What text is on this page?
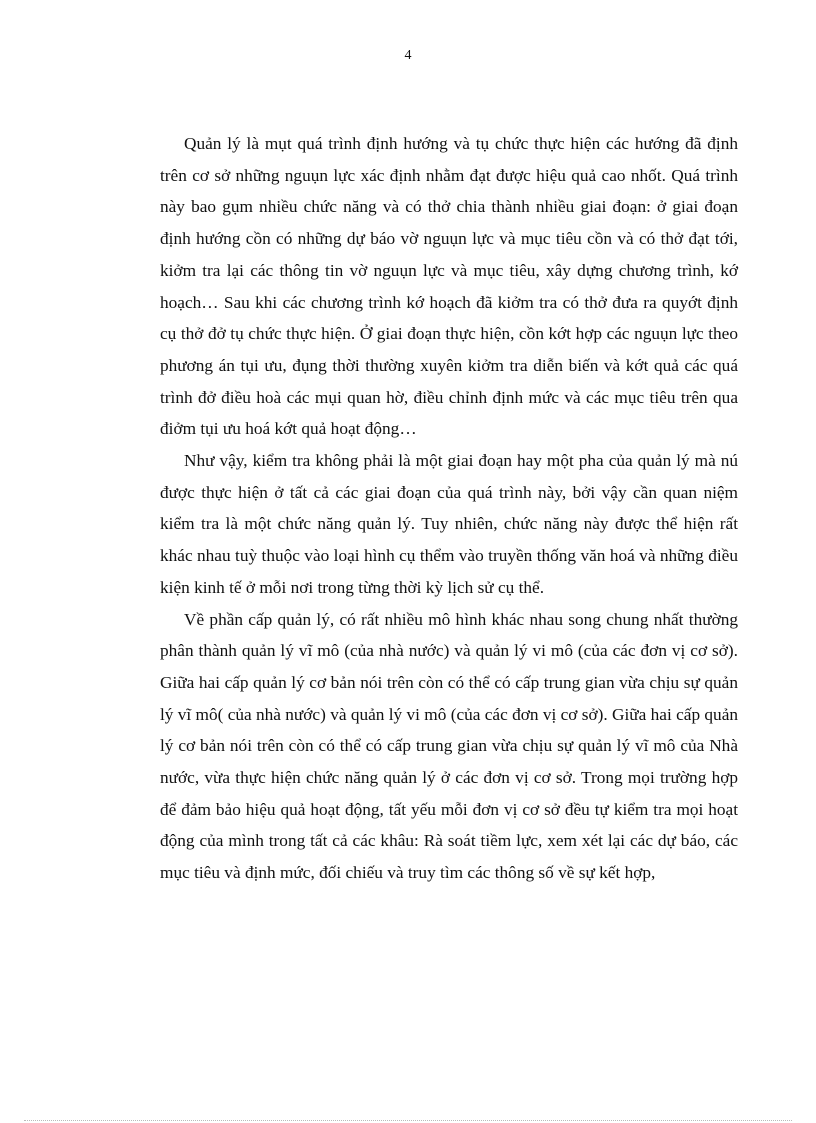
4

Quản lý là mụt quá trình định hướng và tụ chức thực hiện các hướng đã định trên cơ sở những nguụn lực xác định nhằm đạt được hiệu quả cao nhốt. Quá trình này bao gụm nhiều chức năng và có thở chia thành nhiều giai đoạn: ở giai đoạn định hướng cồn có những dự báo vờ nguụn lực và mục tiêu cồn và có thở đạt tới, kiởm tra lại các thông tin vờ nguụn lực và mục tiêu, xây dựng chương trình, kớ hoạch… Sau khi các chương trình kớ hoạch đã kiởm tra có thở đưa ra quyớt định cụ thở đở tụ chức thực hiện. Ở giai đoạn thực hiện, cồn kớt hợp các nguụn lực theo phương án tụi ưu, đụng thời thường xuyên kiởm tra diễn biến và kớt quả các quá trình đở điều hoà các mụi quan hờ, điều chỉnh định mức và các mục tiêu trên qua điởm tụi ưu hoá kớt quả hoạt động…

Như vậy, kiểm tra không phải là một giai đoạn hay một pha của quản lý mà nú được thực hiện ở tất cả các giai đoạn của quá trình này, bởi vậy cần quan niệm kiểm tra là một chức năng quản lý. Tuy nhiên, chức năng này được thể hiện rất khác nhau tuỳ thuộc vào loại hình cụ thểm vào truyền thống văn hoá và những điều kiện kinh tế ở mỗi nơi trong từng thời kỳ lịch sử cụ thể.

Về phần cấp quản lý, có rất nhiều mô hình khác nhau song chung nhất thường phân thành quản lý vĩ mô (của nhà nước) và quản lý vi mô (của các đơn vị cơ sở). Giữa hai cấp quản lý cơ bản nói trên còn có thể có cấp trung gian vừa chịu sự quản lý vĩ mô( của nhà nước) và quản lý vi mô (của các đơn vị cơ sở). Giữa hai cấp quản lý cơ bản nói trên còn có thể có cấp trung gian vừa chịu sự quản lý vĩ mô của Nhà nước, vừa thực hiện chức năng quản lý ở các đơn vị cơ sở. Trong mọi trường hợp để đảm bảo hiệu quả hoạt động, tất yếu mỗi đơn vị cơ sở đều tự kiểm tra mọi hoạt động của mình trong tất cả các khâu: Rà soát tiềm lực, xem xét lại các dự báo, các mục tiêu và định mức, đối chiếu và truy tìm các thông số về sự kết hợp,
